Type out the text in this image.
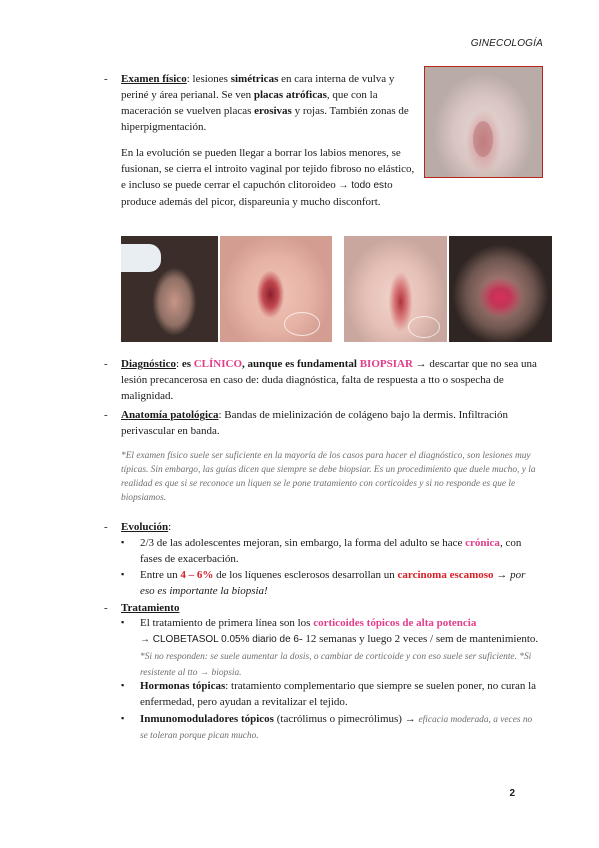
GINECOLOGÍA
- Examen físico: lesiones simétricas en cara interna de vulva y periné y área perianal. Se ven placas atróficas, que con la maceración se vuelven placas erosivas y rojas. También zonas de hiperpigmentación.
En la evolución se pueden llegar a borrar los labios menores, se fusionan, se cierra el introito vaginal por tejido fibroso no elástico, e incluso se puede cerrar el capuchón clitoroideo → todo esto produce además del picor, dispareunia y mucho disconfort.
- Diagnóstico: es CLÍNICO, aunque es fundamental BIOPSIAR → descartar que no sea una lesión precancerosa en caso de: duda diagnóstica, falta de respuesta a tto o sospecha de malignidad.
- Anatomía patológica: Bandas de mielinización de colágeno bajo la dermis. Infiltración perivascular en banda.
*El examen físico suele ser suficiente en la mayoría de los casos para hacer el diagnóstico, son lesiones muy típicas. Sin embargo, las guías dicen que siempre se debe biopsiar. Es un procedimiento que duele mucho, y la realidad es que si se reconoce un liquen se le pone tratamiento con corticoides y si no responde es que le biopsiamos.
- Evolución:
▪ 2/3 de las adolescentes mejoran, sin embargo, la forma del adulto se hace crónica, con fases de exacerbación.
▪ Entre un 4 – 6% de los líquenes esclerosos desarrollan un carcinoma escamoso → por eso es importante la biopsia!
- Tratamiento
▪ El tratamiento de primera línea son los corticoides tópicos de alta potencia
→ CLOBETASOL 0.05% diario de 6- 12 semanas y luego 2 veces / sem de mantenimiento. *Si no responden: se suele aumentar la dosis, o cambiar de corticoide y con eso suele ser suficiente. *Si resistente al tto → biopsia.
▪ Hormonas tópicas: tratamiento complementario que siempre se suelen poner, no curan la enfermedad, pero ayudan a revitalizar el tejido.
▪ Inmunomoduladores tópicos (tacrólimus o pimecrólimus) → eficacia moderada, a veces no se toleran porque pican mucho.
2
